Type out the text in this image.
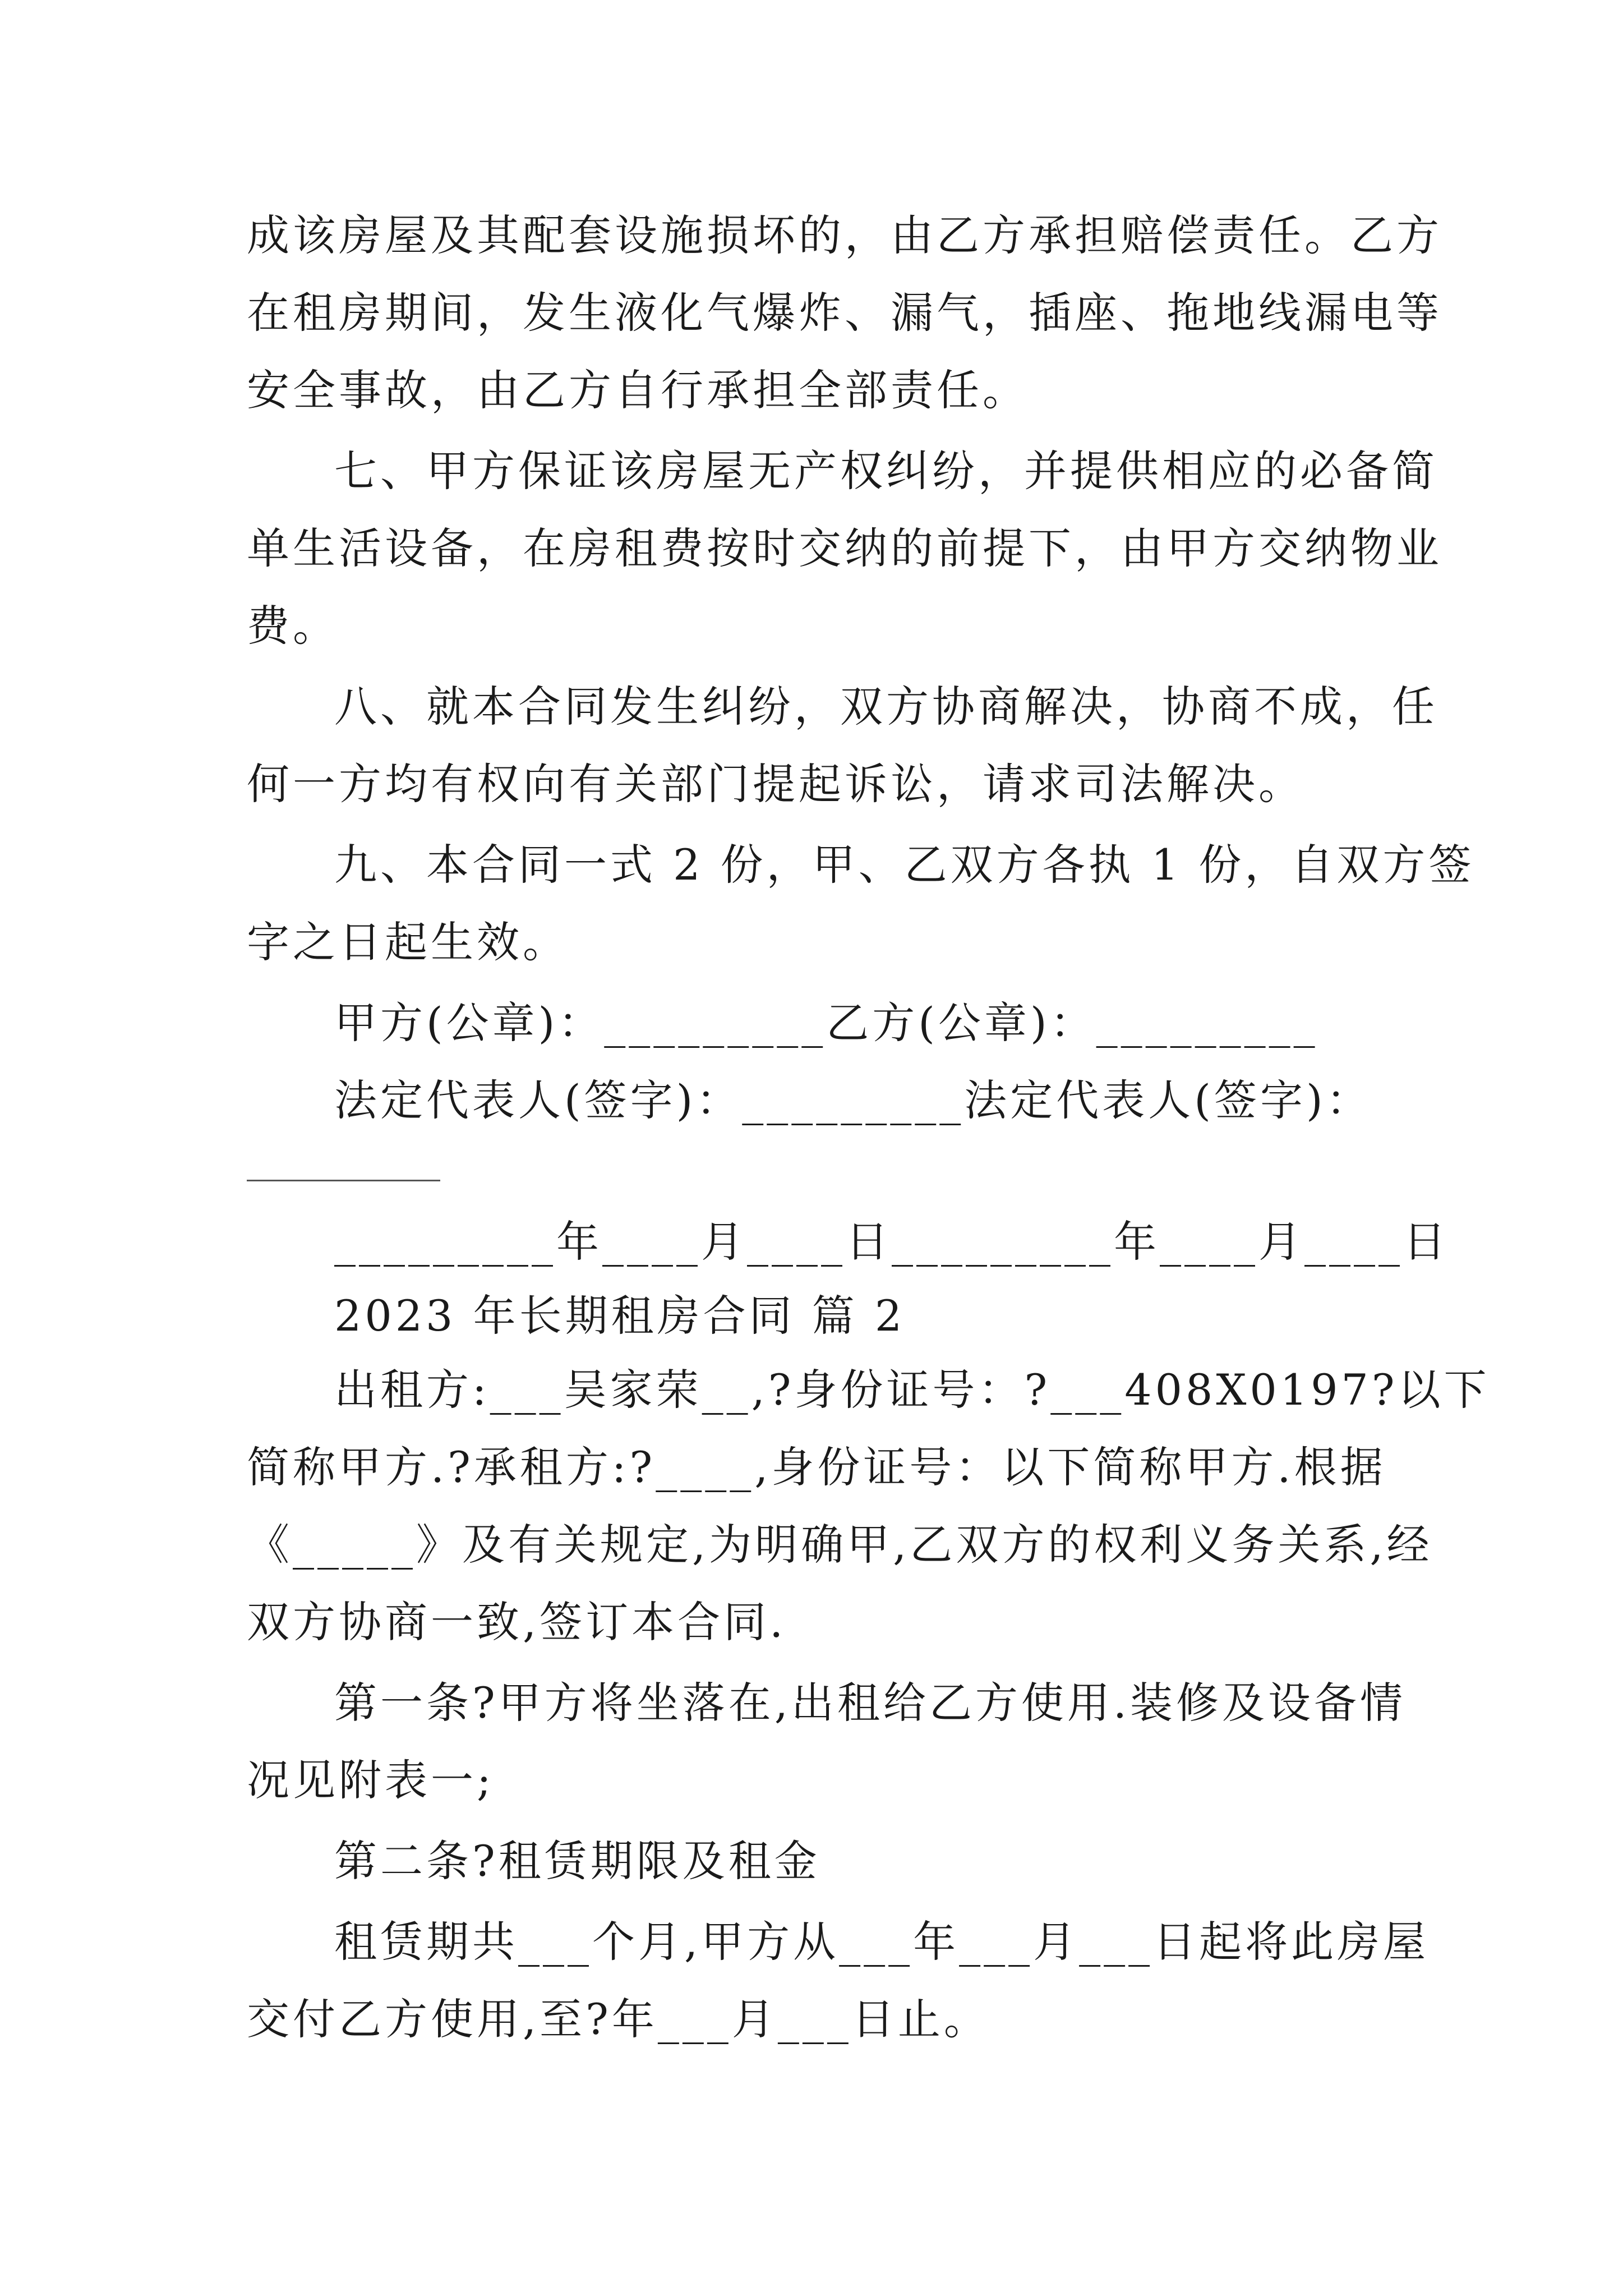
成该房屋及其配套设施损坏的，由乙方承担赔偿责任。乙方
在租房期间，发生液化气爆炸、漏气，插座、拖地线漏电等
安全事故，由乙方自行承担全部责任。
七、甲方保证该房屋无产权纠纷，并提供相应的必备简
单生活设备，在房租费按时交纳的前提下，由甲方交纳物业
费。
八、就本合同发生纠纷，双方协商解决，协商不成，任
何一方均有权向有关部门提起诉讼，请求司法解决。
九、本合同一式 2 份，甲、乙双方各执 1 份，自双方签
字之日起生效。
甲方(公章)：_________乙方(公章)：_________
法定代表人(签字)：_________法定代表人(签字)：
_________年____月____日_________年____月____日
2023 年长期租房合同 篇 2
出租方:___吴家荣__,?身份证号：?___408X0197?以下
简称甲方.?承租方:?____,身份证号：以下简称甲方.根据
《_____》及有关规定,为明确甲,乙双方的权利义务关系,经
双方协商一致,签订本合同.
第一条?甲方将坐落在,出租给乙方使用.装修及设备情
况见附表一;
第二条?租赁期限及租金
租赁期共___个月,甲方从___年___月___日起将此房屋
交付乙方使用,至?年___月___日止。
